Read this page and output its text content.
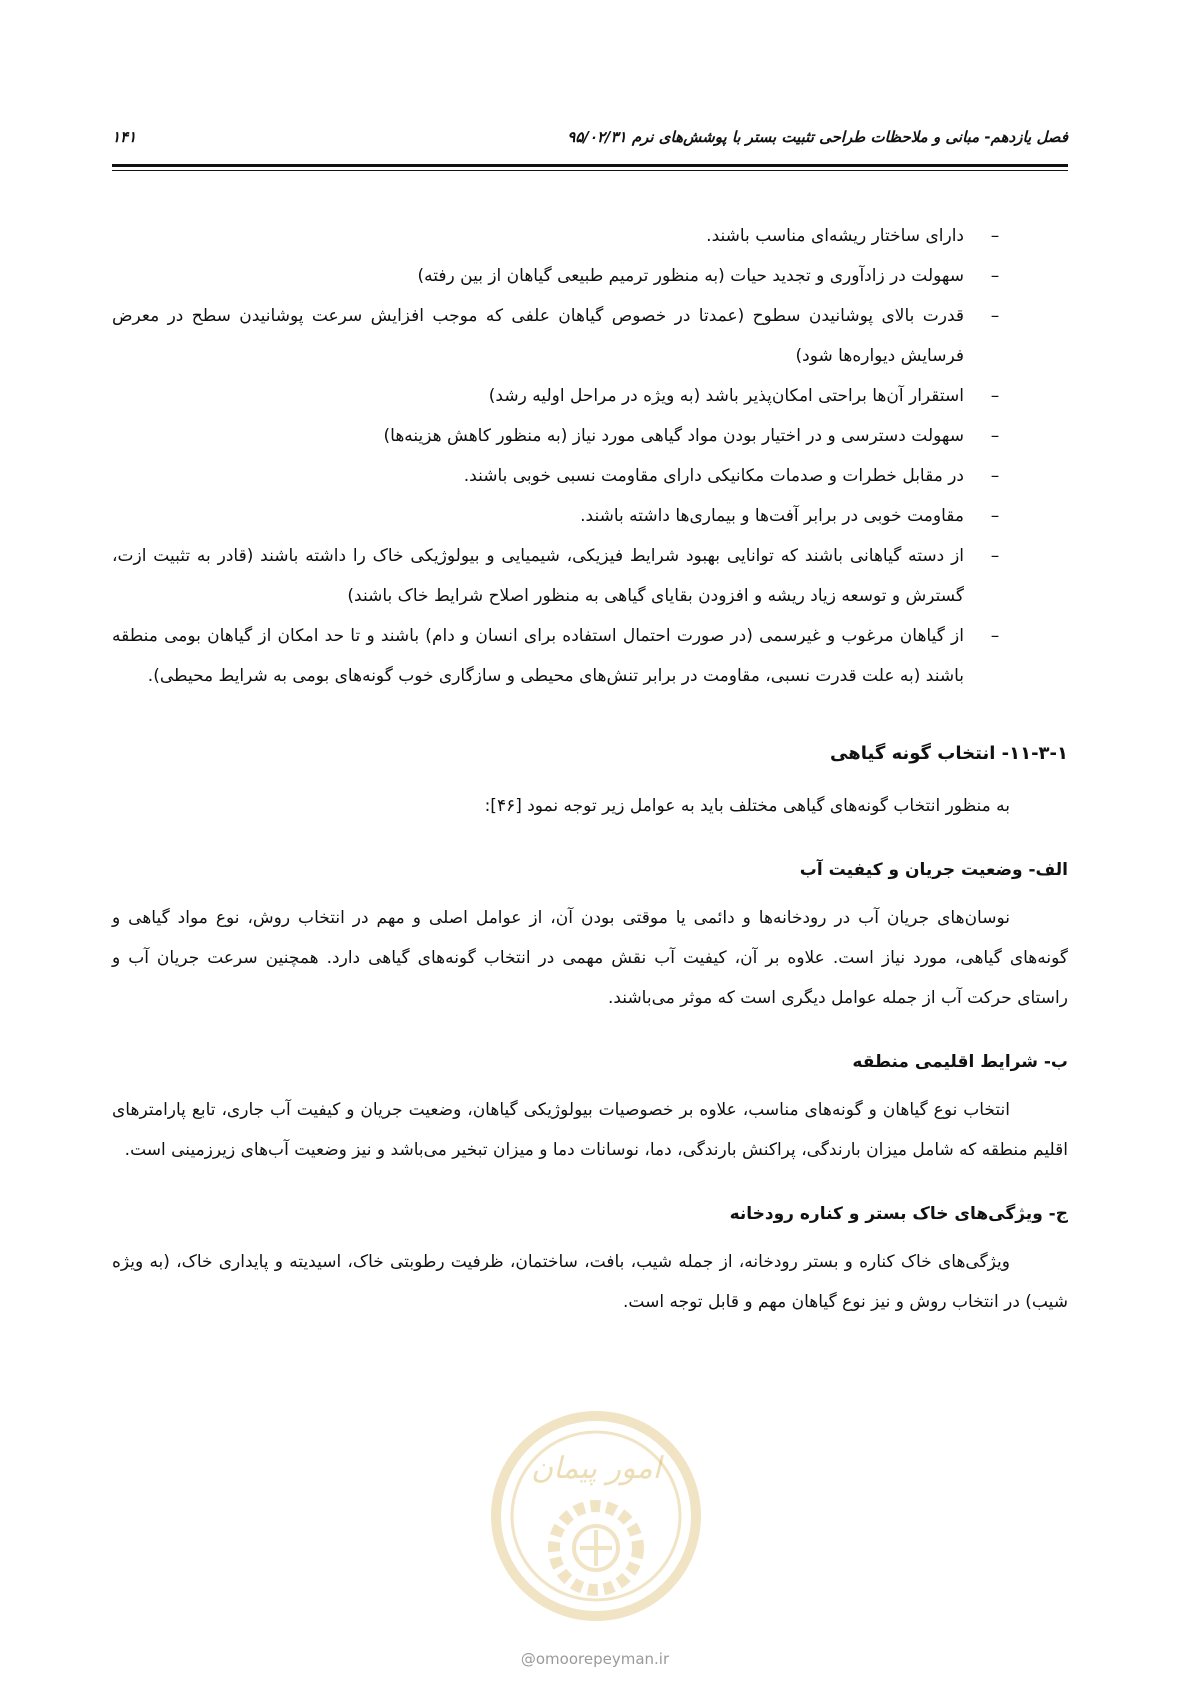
فصل یازدهم- مبانی و ملاحظات طراحی تثبیت بستر با پوشش‌های نرم ۹۵/۰۲/۳۱
۱۴۱
–
دارای ساختار ریشه‌ای مناسب باشند.
–
سهولت در زادآوری و تجدید حیات (به منظور ترمیم طبیعی گیاهان از بین رفته)
–
قدرت بالای پوشانیدن سطوح (عمدتا در خصوص گیاهان علفی که موجب افزایش سرعت پوشانیدن سطح در معرض فرسایش دیواره‌ها شود)
–
استقرار آن‌ها براحتی امکان‌پذیر باشد (به ویژه در مراحل اولیه رشد)
–
سهولت دسترسی و در اختیار بودن مواد گیاهی مورد نیاز (به منظور کاهش هزینه‌ها)
–
در مقابل خطرات و صدمات مکانیکی دارای مقاومت نسبی خوبی باشند.
–
مقاومت خوبی در برابر آفت‌ها و بیماری‌ها داشته باشند.
–
از دسته گیاهانی باشند که توانایی بهبود شرایط فیزیکی، شیمیایی و بیولوژیکی خاک را داشته باشند (قادر به تثبیت ازت، گسترش و توسعه زیاد ریشه و افزودن بقایای گیاهی به منظور اصلاح شرایط خاک باشند)
–
از گیاهان مرغوب و غیرسمی (در صورت احتمال استفاده برای انسان و دام) باشند و تا حد امکان از گیاهان بومی منطقه باشند (به علت قدرت نسبی، مقاومت در برابر تنش‌های محیطی و سازگاری خوب گونه‌های بومی به شرایط محیطی).
۱۱-۳-۱- انتخاب گونه گیاهی

به منظور انتخاب گونه‌های گیاهی مختلف باید به عوامل زیر توجه نمود [۴۶]:

الف- وضعیت جریان و کیفیت آب

نوسان‌های جریان آب در رودخانه‌ها و دائمی یا موقتی بودن آن، از عوامل اصلی و مهم در انتخاب روش، نوع مواد گیاهی و گونه‌های گیاهی، مورد نیاز است. علاوه بر آن، کیفیت آب نقش مهمی در انتخاب گونه‌های گیاهی دارد. همچنین سرعت جریان آب و راستای حرکت آب از جمله عوامل دیگری است که موثر می‌باشند.

ب- شرایط اقلیمی منطقه

انتخاب نوع گیاهان و گونه‌های مناسب، علاوه بر خصوصیات بیولوژیکی گیاهان، وضعیت جریان و کیفیت آب جاری، تابع پارامترهای اقلیم منطقه که شامل میزان بارندگی، پراکنش بارندگی، دما، نوسانات دما و میزان تبخیر می‌باشد و نیز وضعیت آب‌های زیرزمینی است.

ج- ویژگی‌های خاک بستر و کناره رودخانه

ویژگی‌های خاک کناره و بستر رودخانه، از جمله شیب، بافت، ساختمان، ظرفیت رطوبتی خاک، اسیدیته و پایداری خاک، (به ویژه شیب) در انتخاب روش و نیز نوع گیاهان مهم و قابل توجه است.

امور پیمان
@omoorepeyman.ir
